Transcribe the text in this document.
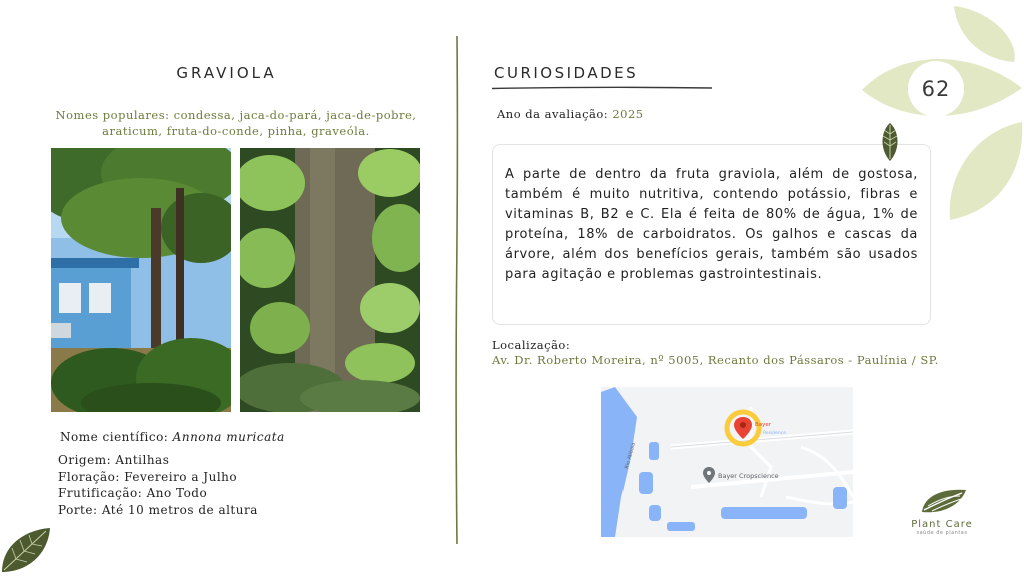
GRAVIOLA
Nomes populares: condessa, jaca-do-pará, jaca-de-pobre, araticum, fruta-do-conde, pinha, graveóla.
Nome científico: Annona muricata
Origem: Antilhas
Floração: Fevereiro a Julho
Frutificação: Ano Todo
Porte: Até 10 metros de altura
CURIOSIDADES
Ano da avaliação: 2025

A parte de dentro da fruta graviola, além de gostosa, também é muito nutritiva, contendo potássio, fibras e vitaminas B, B2 e C. Ela é feita de 80% de água, 1% de proteína, 18% de carboidratos. Os galhos e cascas da árvore, além dos benefícios gerais, também são usados para agitação e problemas gastrointestinais.

Localização:
Av. Dr. Roberto Moreira, nº 5005, Recanto dos Pássaros - Paulínia / SP.
Bayer
Residence
Bayer Cropscience
Rio Atibaia
62
Plant Care
saúde de plantas
